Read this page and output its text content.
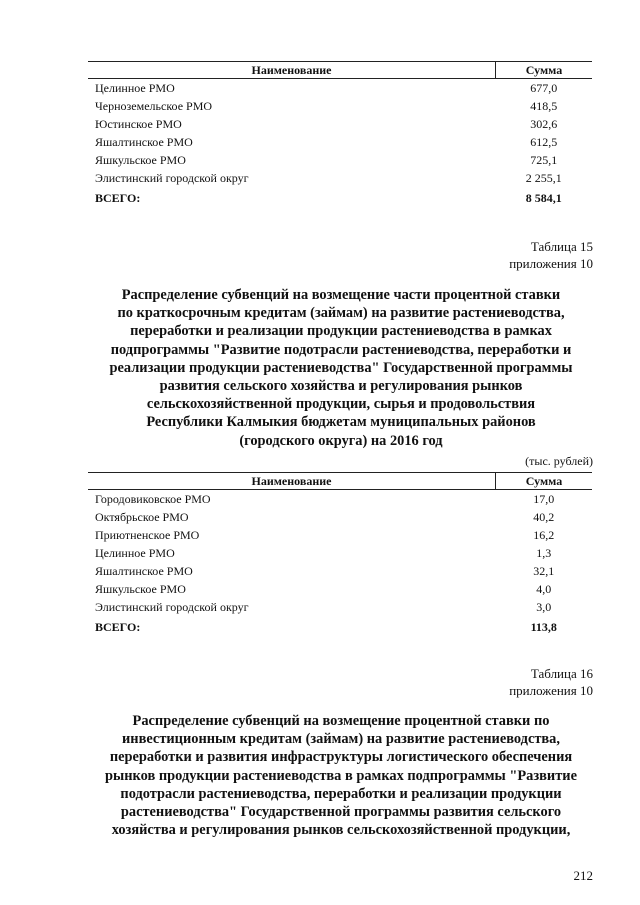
Наименование	Сумма
Целинное РМО	677,0
Черноземельское РМО	418,5
Юстинское РМО	302,6
Яшалтинское РМО	612,5
Яшкульское РМО	725,1
Элистинский городской округ	2 255,1
ВСЕГО:	8 584,1
Таблица 15
приложения 10
Распределение субвенций на возмещение части процентной ставки
по краткосрочным кредитам (займам) на развитие растениеводства,
переработки и реализации продукции растениеводства в рамках
подпрограммы "Развитие подотрасли растениеводства, переработки и
реализации продукции растениеводства" Государственной программы
развития сельского хозяйства и регулирования рынков
сельскохозяйственной продукции, сырья и продовольствия
Республики Калмыкия бюджетам муниципальных районов
(городского округа) на 2016 год
(тыс. рублей)
Наименование	Сумма
Городовиковское РМО	17,0
Октябрьское РМО	40,2
Приютненское РМО	16,2
Целинное РМО	1,3
Яшалтинское РМО	32,1
Яшкульское РМО	4,0
Элистинский городской округ	3,0
ВСЕГО:	113,8
Таблица 16
приложения 10
Распределение субвенций на возмещение процентной ставки по
инвестиционным кредитам (займам) на развитие растениеводства,
переработки и развития инфраструктуры логистического обеспечения
рынков продукции растениеводства в рамках подпрограммы "Развитие
подотрасли растениеводства, переработки и реализации продукции
растениеводства" Государственной программы развития сельского
хозяйства и регулирования рынков сельскохозяйственной продукции,
212
